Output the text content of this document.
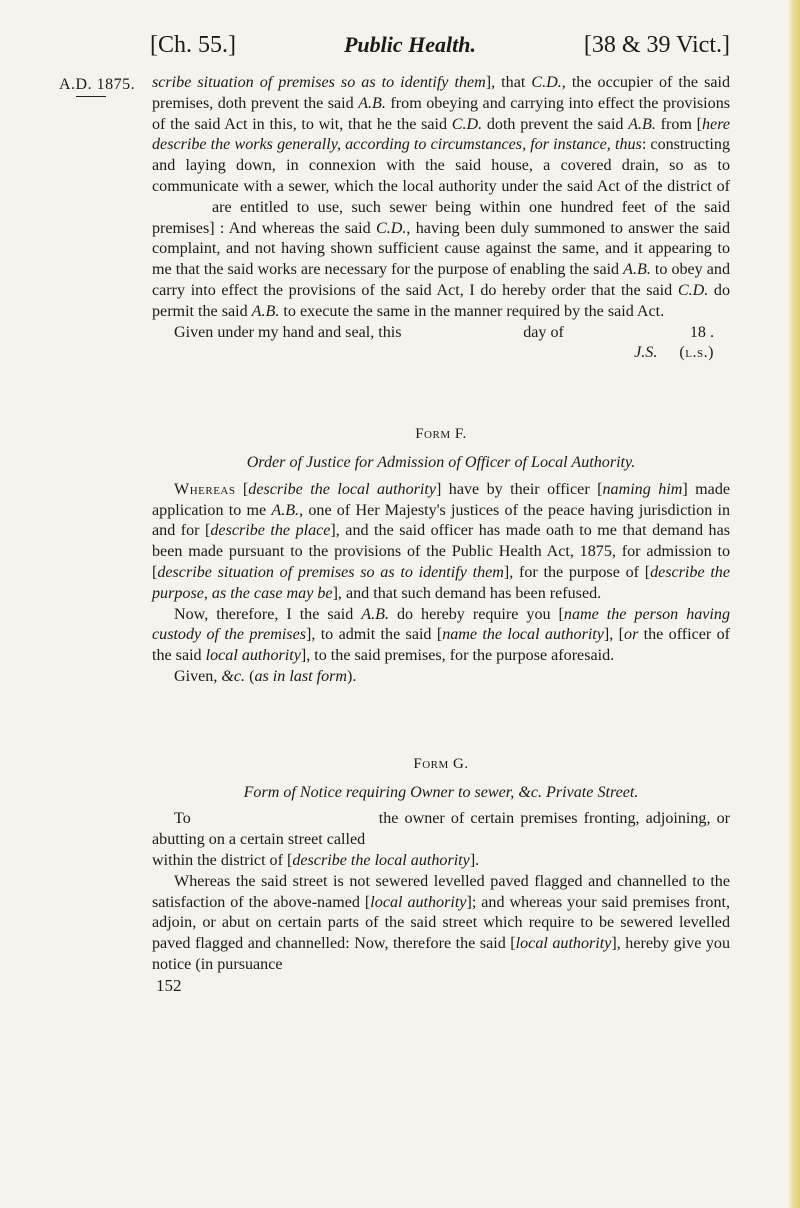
[Ch. 55.]	Public Health.	[38 & 39 Vict.]
A.D. 1875. scribe situation of premises so as to identify them], that C.D., the occupier of the said premises, doth prevent the said A.B. from obeying and carrying into effect the provisions of the said Act in this, to wit, that he the said C.D. doth prevent the said A.B. from [here describe the works generally, according to circumstances, for instance, thus: constructing and laying down, in connexion with the said house, a covered drain, so as to communicate with a sewer, which the local authority under the said Act of the district ofare entitled to use, such sewer being within one hundred feet of the said premises] : And whereas the said C.D., having been duly summoned to answer the said complaint, and not having shown sufficient cause against the same, and it appearing to me that the said works are necessary for the purpose of enabling the said A.B. to obey and carry into effect the provisions of the said Act, I do hereby order that the said C.D. do permit the said A.B. to execute the same in the manner required by the said Act.

Given under my hand and seal, this	day of	18 .

J.S. (l.s.)

Form F.
Order of Justice for Admission of Officer of Local Authority.

Whereas [describe the local authority] have by their officer [naming him] made application to me A.B., one of Her Majesty's justices of the peace having jurisdiction in and for [describe the place], and the said officer has made oath to me that demand has been made pursuant to the provisions of the Public Health Act, 1875, for admission to [describe situation of premises so as to identify them], for the purpose of [describe the purpose, as the case may be], and that such demand has been refused.

Now, therefore, I the said A.B. do hereby require you [name the person having custody of the premises], to admit the said [name the local authority], [or the officer of the said local authority], to the said premises, for the purpose aforesaid.

Given, &c. (as in last form).

Form G.
Form of Notice requiring Owner to sewer, &c. Private Street.

To	the owner of certain premises fronting, adjoining, or abutting on a certain street called

within the district of [describe the local authority].

Whereas the said street is not sewered levelled paved flagged and channelled to the satisfaction of the above-named [local authority]; and whereas your said premises front, adjoin, or abut on certain parts of the said street which require to be sewered levelled paved flagged and channelled: Now, therefore the said [local authority], hereby give you notice (in pursuance

152
